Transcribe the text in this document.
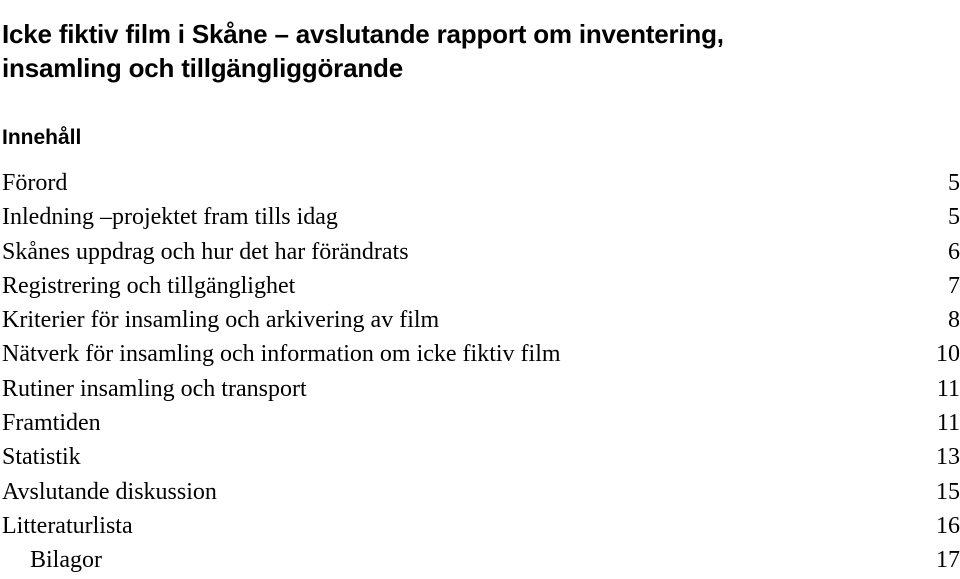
Icke fiktiv film i Skåne – avslutande rapport om inventering,
insamling och tillgängliggörande
Innehåll
Förord	5
Inledning –projektet fram tills idag	5
Skånes uppdrag och hur det har förändrats	6
Registrering och tillgänglighet	7
Kriterier för insamling och arkivering av film	8
Nätverk för insamling och information om icke fiktiv film	10
Rutiner insamling och transport	11
Framtiden	11
Statistik	13
Avslutande diskussion	15
Litteraturlista	16
Bilagor	17
